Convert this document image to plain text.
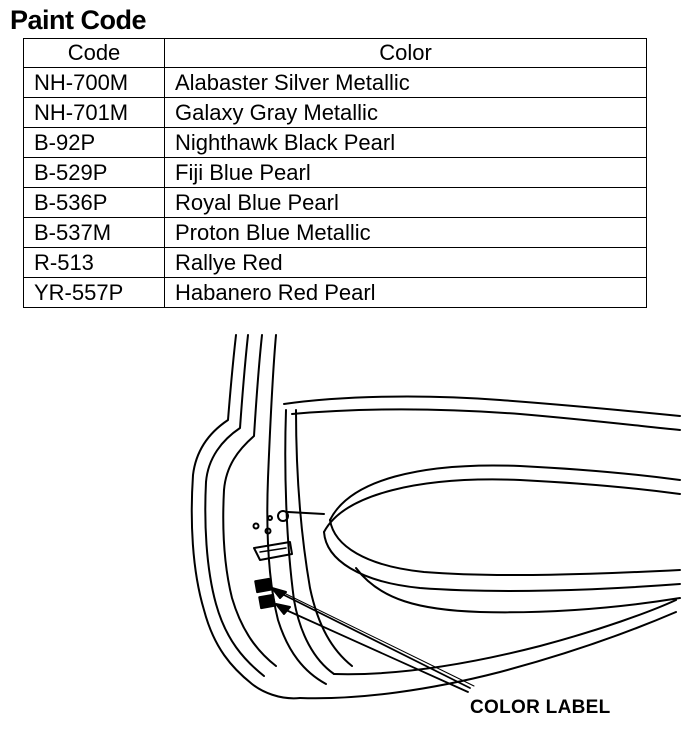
Paint Code
Code	Color
NH-700M	Alabaster Silver Metallic
NH-701M	Galaxy Gray Metallic
B-92P	Nighthawk Black Pearl
B-529P	Fiji Blue Pearl
B-536P	Royal Blue Pearl
B-537M	Proton Blue Metallic
R-513	Rallye Red
YR-557P	Habanero Red Pearl
COLOR LABEL
